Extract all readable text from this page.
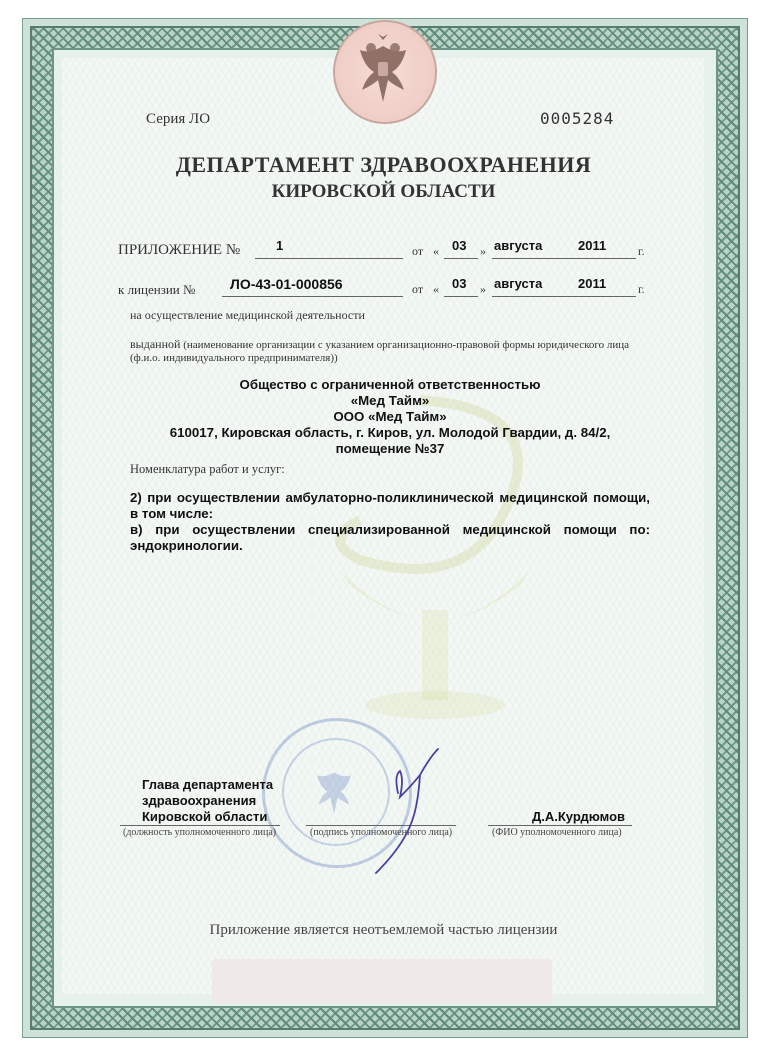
Серия ЛО	0005284
ДЕПАРТАМЕНТ ЗДРАВООХРАНЕНИЯ
КИРОВСКОЙ ОБЛАСТИ
ПРИЛОЖЕНИЕ №	1	от « 03 » августа	2011	г.
к лицензии № ЛО-43-01-000856	от « 03 » августа	2011	г.
на осуществление медицинской деятельности
выданной (наименование организации с указанием организационно-правовой формы юридического лица (ф.и.о. индивидуального предпринимателя))
Общество с ограниченной ответственностью
«Мед Тайм»
ООО «Мед Тайм»
610017, Кировская область, г. Киров, ул. Молодой Гвардии, д. 84/2,
помещение №37
Номенклатура работ и услуг:
2) при осуществлении амбулаторно-поликлинической медицинской помощи, в том числе:
в) при осуществлении специализированной медицинской помощи по: эндокринологии.
Глава департамента
здравоохранения
Кировской области	Д.А.Курдюмов
(должность уполномоченного лица)	(подпись уполномоченного лица)	(ФИО уполномоченного лица)
Приложение является неотъемлемой частью лицензии
